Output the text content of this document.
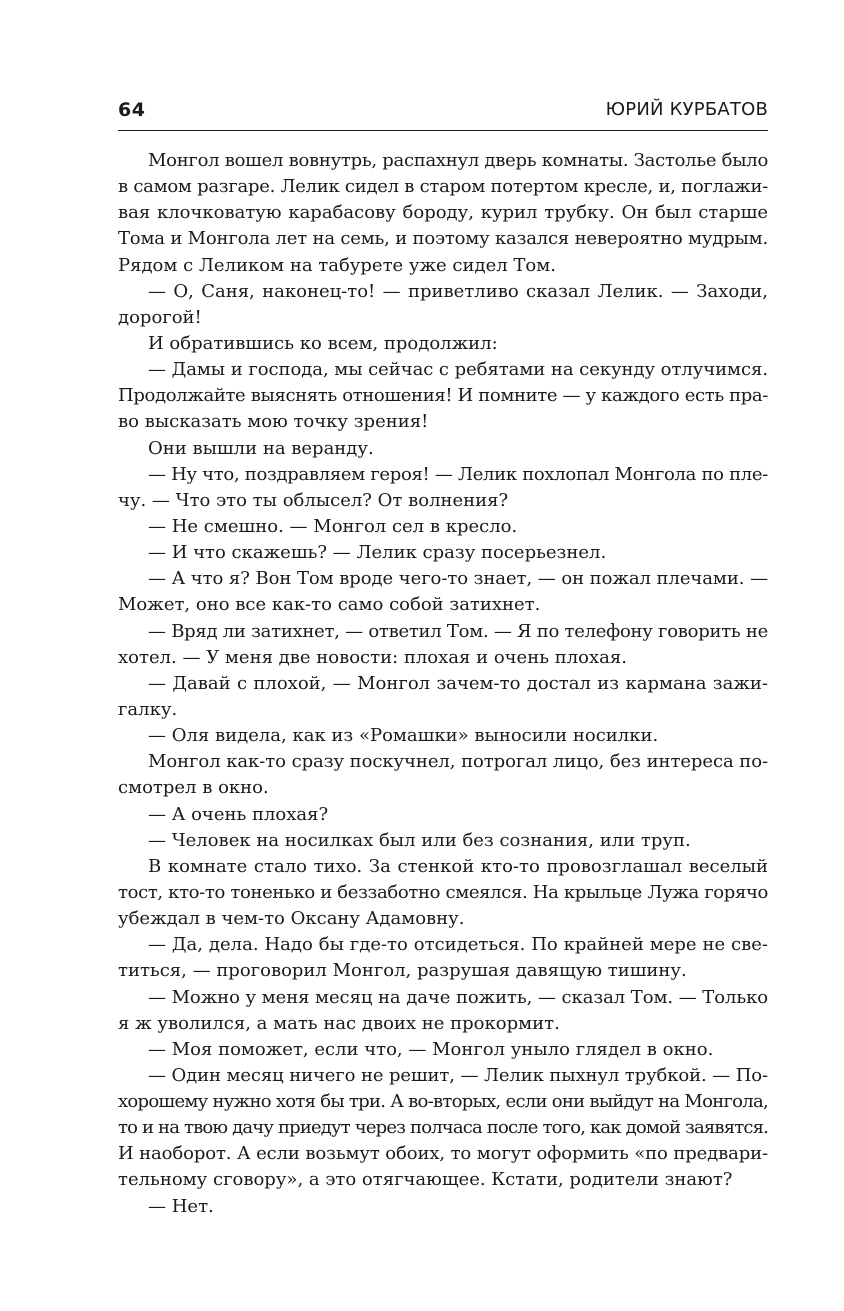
64	ЮРИЙ КУРБАТОВ
Монгол вошел вовнутрь, распахнул дверь комнаты. Застолье было
в самом разгаре. Лелик сидел в старом потертом кресле, и, поглажи-
вая клочковатую карабасову бороду, курил трубку. Он был старше
Тома и Монгола лет на семь, и поэтому казался невероятно мудрым.
Рядом с Леликом на табурете уже сидел Том.
— О, Саня, наконец-то! — приветливо сказал Лелик. — Заходи,
дорогой!
И обратившись ко всем, продолжил:
— Дамы и господа, мы сейчас с ребятами на секунду отлучимся.
Продолжайте выяснять отношения! И помните — у каждого есть пра-
во высказать мою точку зрения!
Они вышли на веранду.
— Ну что, поздравляем героя! — Лелик похлопал Монгола по пле-
чу. — Что это ты облысел? От волнения?
— Не смешно. — Монгол сел в кресло.
— И что скажешь? — Лелик сразу посерьезнел.
— А что я? Вон Том вроде чего-то знает, — он пожал плечами. —
Может, оно все как-то само собой затихнет.
— Вряд ли затихнет, — ответил Том. — Я по телефону говорить не
хотел. — У меня две новости: плохая и очень плохая.
— Давай с плохой, — Монгол зачем-то достал из кармана зажи-
галку.
— Оля видела, как из «Ромашки» выносили носилки.
Монгол как-то сразу поскучнел, потрогал лицо, без интереса по-
смотрел в окно.
— А очень плохая?
— Человек на носилках был или без сознания, или труп.
В комнате стало тихо. За стенкой кто-то провозглашал веселый
тост, кто-то тоненько и беззаботно смеялся. На крыльце Лужа горячо
убеждал в чем-то Оксану Адамовну.
— Да, дела. Надо бы где-то отсидеться. По крайней мере не све-
титься, — проговорил Монгол, разрушая давящую тишину.
— Можно у меня месяц на даче пожить, — сказал Том. — Только
я ж уволился, а мать нас двоих не прокормит.
— Моя поможет, если что, — Монгол уныло глядел в окно.
— Один месяц ничего не решит, — Лелик пыхнул трубкой. — По-
хорошему нужно хотя бы три. А во-вторых, если они выйдут на Монгола,
то и на твою дачу приедут через полчаса после того, как домой заявятся.
И наоборот. А если возьмут обоих, то могут оформить «по предвари-
тельному сговору», а это отягчающее. Кстати, родители знают?
— Нет.
